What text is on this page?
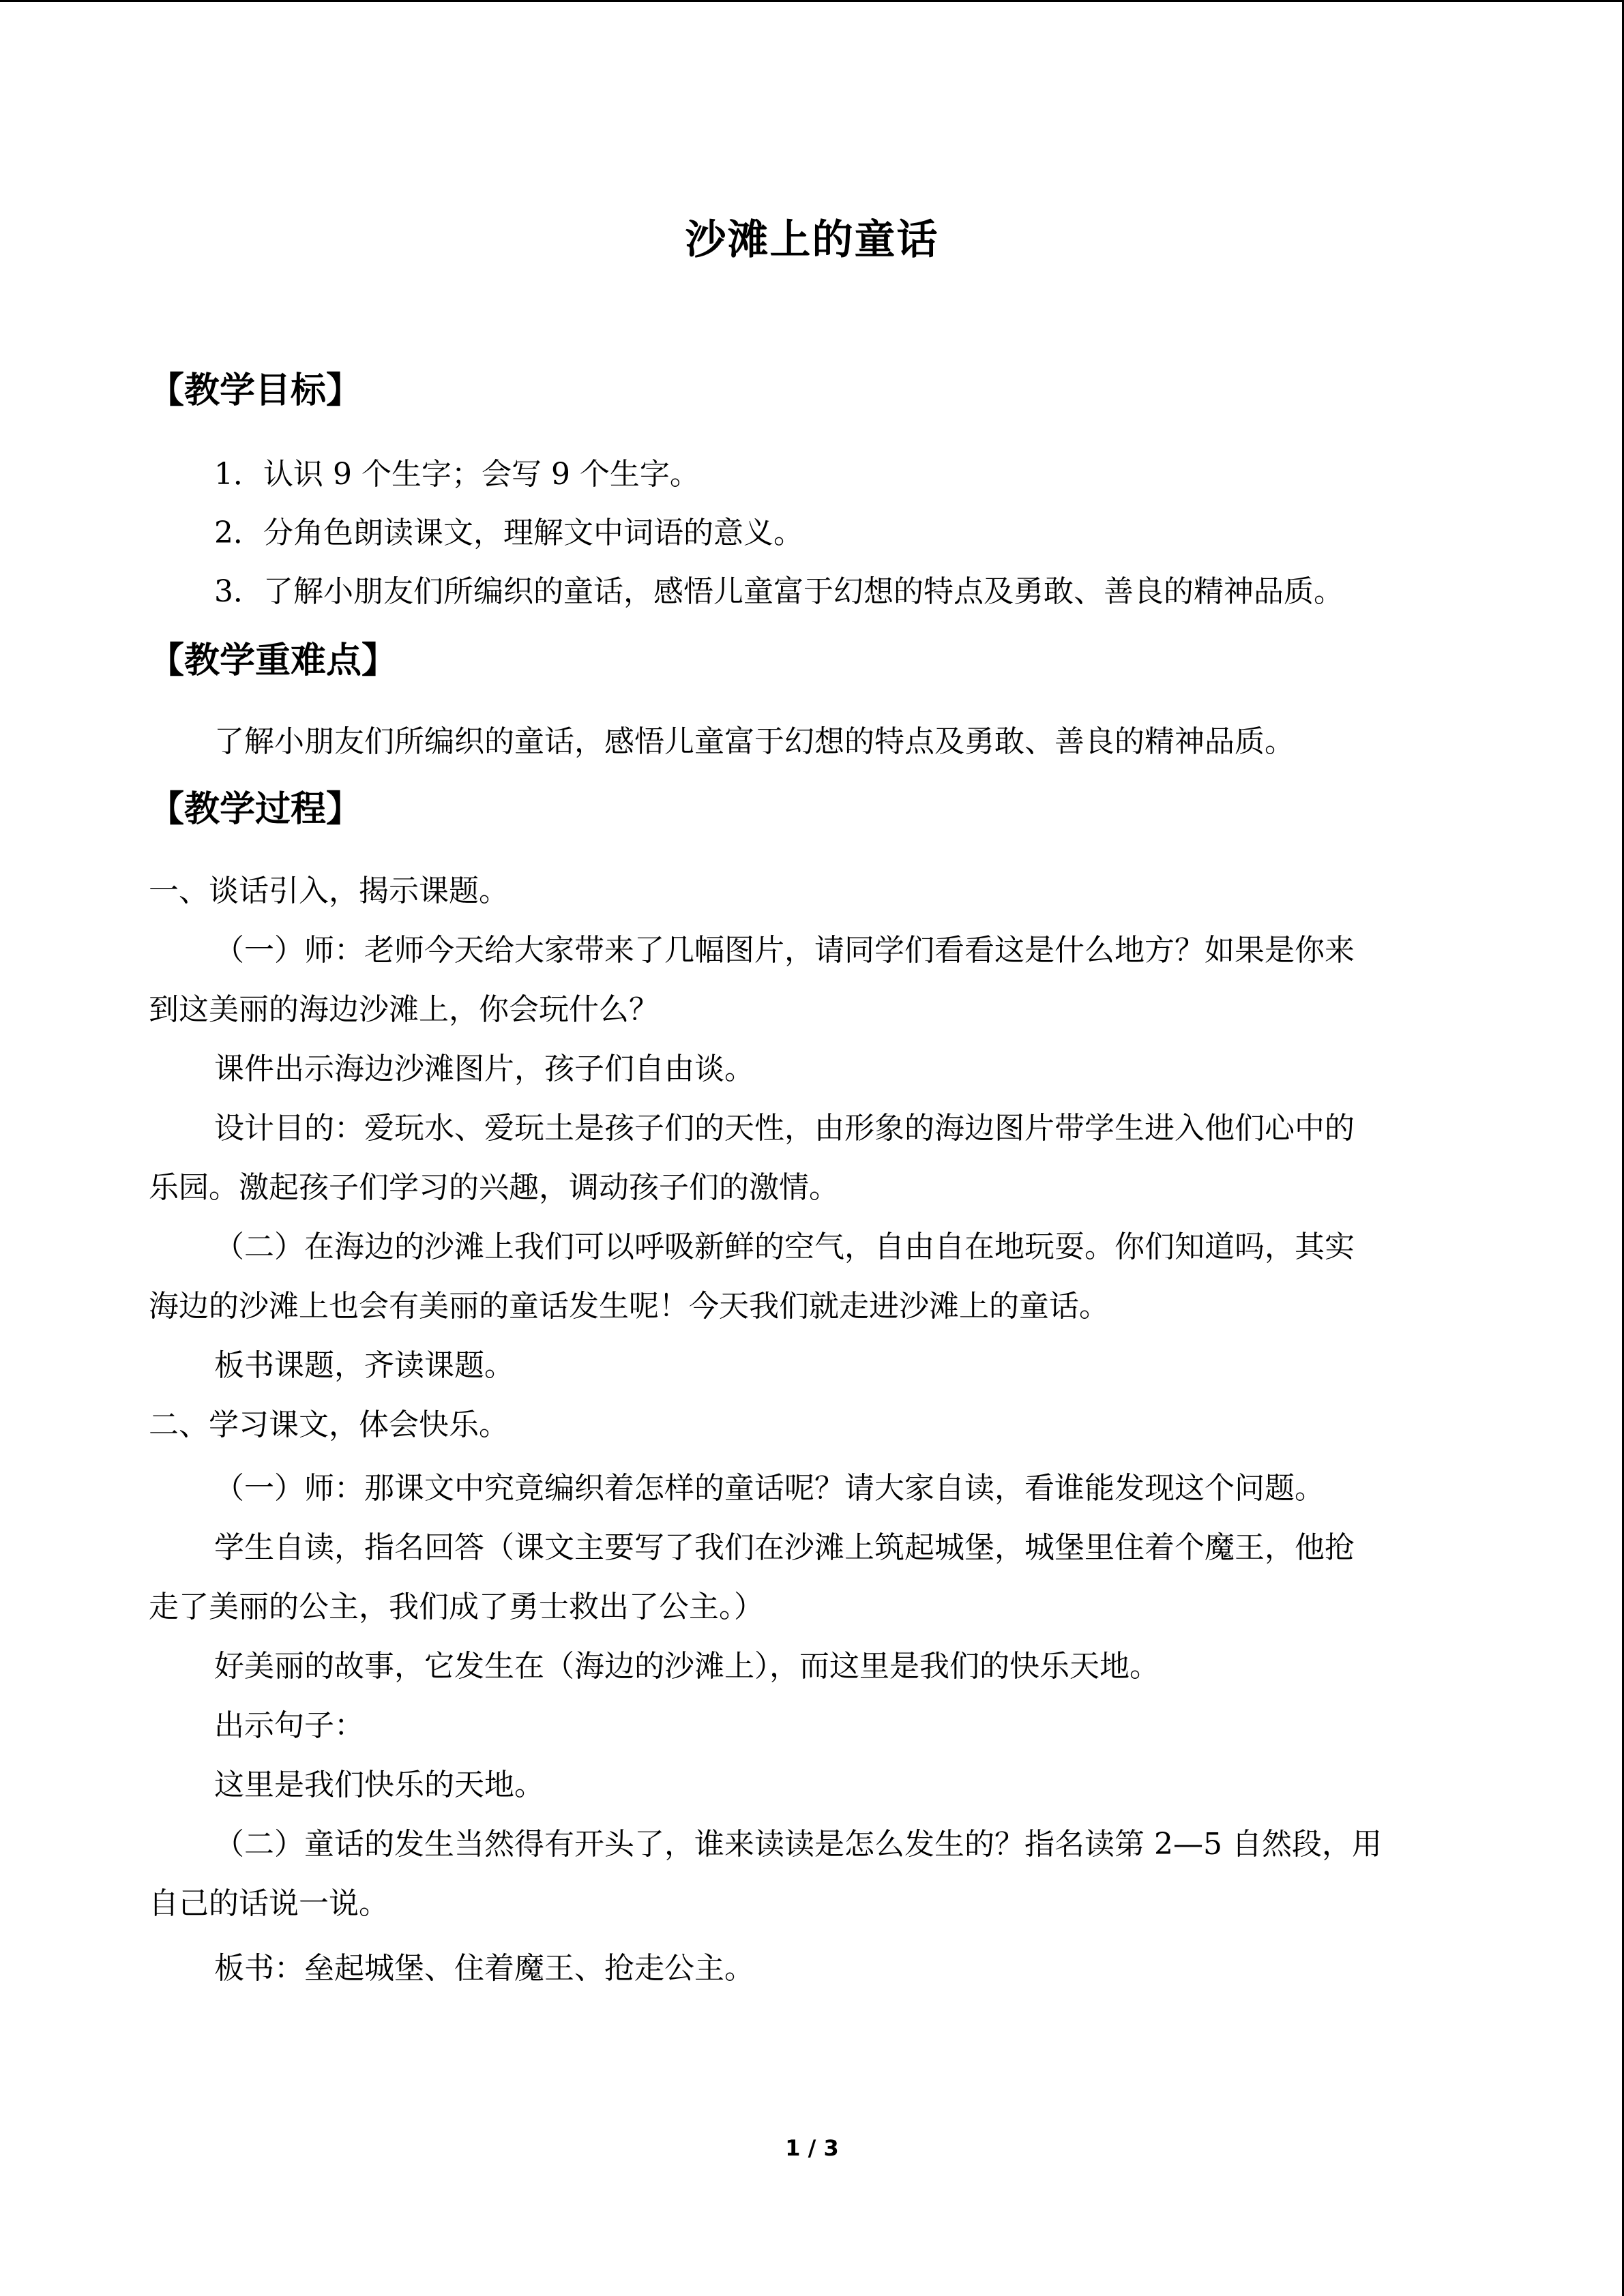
沙滩上的童话
【教学目标】
1．认识 9 个生字；会写 9 个生字。
2．分角色朗读课文，理解文中词语的意义。
3．了解小朋友们所编织的童话，感悟儿童富于幻想的特点及勇敢、善良的精神品质。
【教学重难点】
了解小朋友们所编织的童话，感悟儿童富于幻想的特点及勇敢、善良的精神品质。
【教学过程】
一、谈话引入，揭示课题。
（一）师：老师今天给大家带来了几幅图片，请同学们看看这是什么地方？如果是你来
到这美丽的海边沙滩上，你会玩什么？
课件出示海边沙滩图片，孩子们自由谈。
设计目的：爱玩水、爱玩土是孩子们的天性，由形象的海边图片带学生进入他们心中的
乐园。激起孩子们学习的兴趣，调动孩子们的激情。
（二）在海边的沙滩上我们可以呼吸新鲜的空气，自由自在地玩耍。你们知道吗，其实
海边的沙滩上也会有美丽的童话发生呢！今天我们就走进沙滩上的童话。
板书课题，齐读课题。
二、学习课文，体会快乐。
（一）师：那课文中究竟编织着怎样的童话呢？请大家自读，看谁能发现这个问题。
学生自读，指名回答（课文主要写了我们在沙滩上筑起城堡，城堡里住着个魔王，他抢
走了美丽的公主，我们成了勇士救出了公主。）
好美丽的故事，它发生在（海边的沙滩上），而这里是我们的快乐天地。
出示句子：
这里是我们快乐的天地。
（二）童话的发生当然得有开头了，谁来读读是怎么发生的？指名读第 2—5 自然段，用
自己的话说一说。
板书：垒起城堡、住着魔王、抢走公主。
1 / 3
